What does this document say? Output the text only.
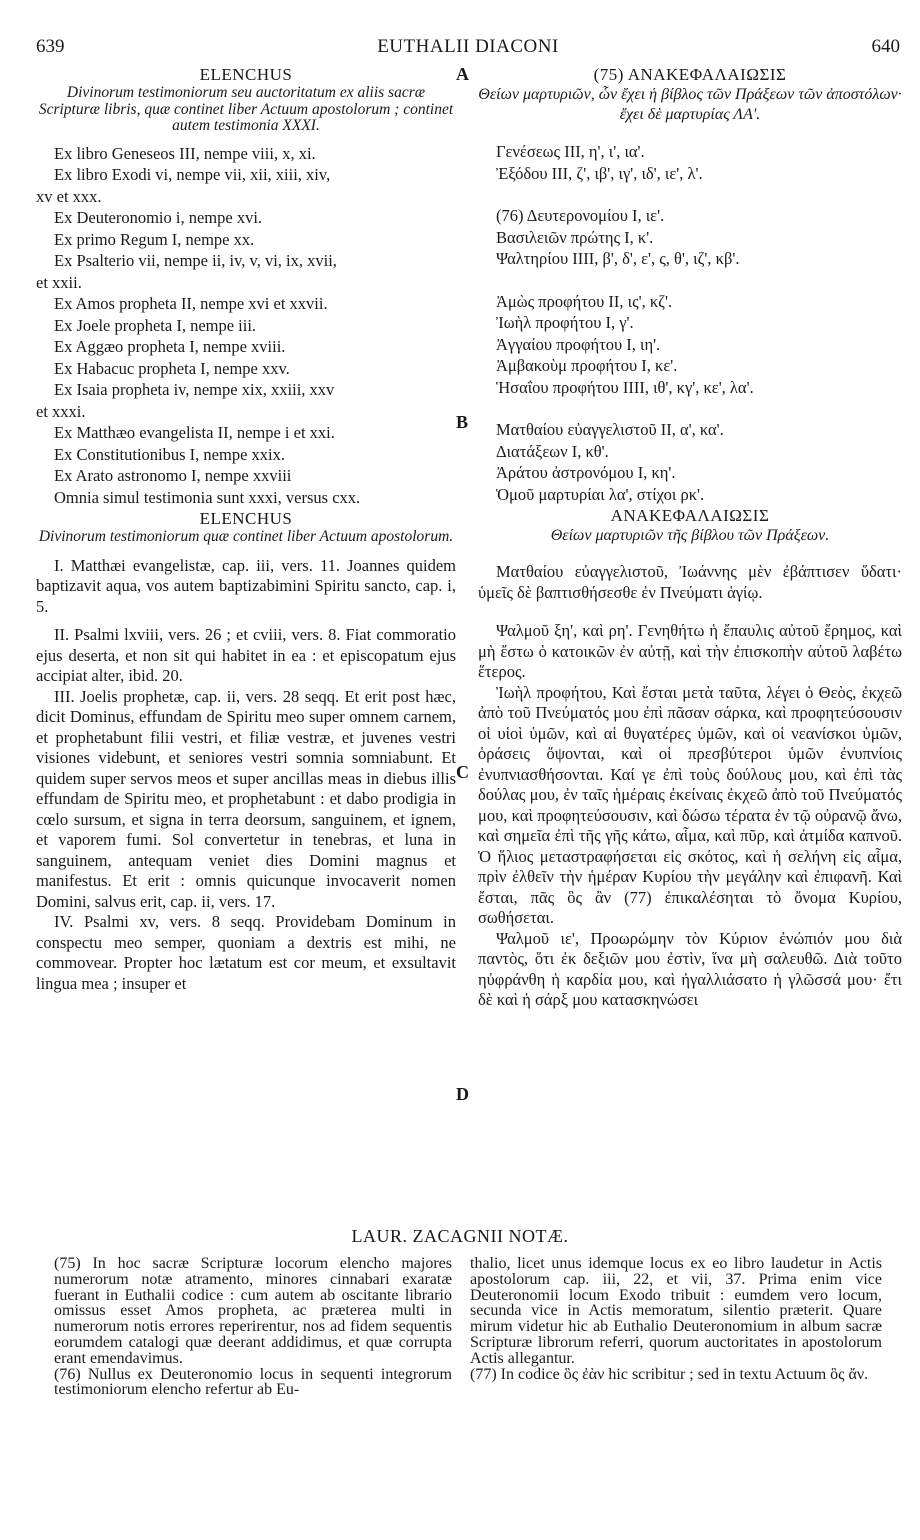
639	EUTHALII DIACONI	640
ELENCHUS
Divinorum testimoniorum seu auctoritatum ex aliis sacræ Scripturæ libris, quæ continet liber Actuum apostolorum ; continet autem testimonia XXXI.
Ex libro Geneseos III, nempe viii, x, xi.
Ex libro Exodi vi, nempe vii, xii, xiii, xiv,
xv et xxx.
Ex Deuteronomio i, nempe xvi.
Ex primo Regum I, nempe xx.
Ex Psalterio vii, nempe ii, iv, v, vi, ix, xvii,
et xxii.
Ex Amos propheta II, nempe xvi et xxvii.
Ex Joele propheta I, nempe iii.
Ex Aggæo propheta I, nempe xviii.
Ex Habacuc propheta I, nempe xxv.
Ex Isaia propheta iv, nempe xix, xxiii, xxv
et xxxi.
Ex Matthæo evangelista II, nempe i et xxi.
Ex Constitutionibus I, nempe xxix.
Ex Arato astronomo I, nempe xxviii
Omnia simul testimonia sunt xxxi, versus cxx.
ELENCHUS
Divinorum testimoniorum quæ continet liber Actuum apostolorum.

I. Matthæi evangelistæ, cap. iii, vers. 11. Joannes quidem baptizavit aqua, vos autem baptizabimini Spiritu sancto, cap. i, 5.

II. Psalmi lxviii, vers. 26 ; et cviii, vers. 8. Fiat commoratio ejus deserta, et non sit qui habitet in ea : et episcopatum ejus accipiat alter, ibid. 20.

III. Joelis prophetæ, cap. ii, vers. 28 seqq. Et erit post hæc, dicit Dominus, effundam de Spiritu meo super omnem carnem, et prophetabunt filii vestri, et filiæ vestræ, et juvenes vestri visiones videbunt, et seniores vestri somnia somniabunt. Et quidem super servos meos et super ancillas meas in diebus illis effundam de Spiritu meo, et prophetabunt : et dabo prodigia in cœlo sursum, et signa in terra deorsum, sanguinem, et ignem, et vaporem fumi. Sol convertetur in tenebras, et luna in sanguinem, antequam veniet dies Domini magnus et manifestus. Et erit : omnis quicunque invocaverit nomen Domini, salvus erit, cap. ii, vers. 17.

IV. Psalmi xv, vers. 8 seqq. Providebam Dominum in conspectu meo semper, quoniam a dextris est mihi, ne commovear. Propter hoc lætatum est cor meum, et exsultavit lingua mea ; insuper et

A
B
C
D
(75) ΑΝΑΚΕΦΑΛΑΙΩΣΙΣ
Θείων μαρτυριῶν, ὧν ἔχει ἡ βίβλος τῶν Πράξεων τῶν ἀποστόλων· ἔχει δὲ μαρτυρίας ΛΑ'.
Γενέσεως III, η', ι', ια'.
Ἐξόδου III, ζ', ιβ', ιγ', ιδ', ιε', λ'.
(76) Δευτερονομίου I, ιε'.
Βασιλειῶν πρώτης I, κ'.
Ψαλτηρίου ΙΙΙΙ, β', δ', ε', ς, θ', ιζ', κβ'.
Ἀμὼς προφήτου II, ις', κζ'.
Ἰωὴλ προφήτου I, γ'.
Ἀγγαίου προφήτου I, ιη'.
Ἀμβακοὺμ προφήτου I, κε'.
Ἡσαΐου προφήτου ΙΙΙΙ, ιθ', κγ', κε', λα'.
Ματθαίου εὐαγγελιστοῦ II, α', κα'.
Διατάξεων I, κθ'.
Ἀράτου ἀστρονόμου I, κη'.
Ὁμοῦ μαρτυρίαι λα', στίχοι ρκ'.
ΑΝΑΚΕΦΑΛΑΙΩΣΙΣ
Θείων μαρτυριῶν τῆς βίβλου τῶν Πράξεων.

Ματθαίου εὐαγγελιστοῦ, Ἰωάννης μὲν ἐβάπτισεν ὕδατι· ὑμεῖς δὲ βαπτισθήσεσθε ἐν Πνεύματι ἁγίῳ.

Ψαλμοῦ ξη', καὶ ρη'. Γενηθήτω ἡ ἔπαυλις αὐτοῦ ἔρημος, καὶ μὴ ἔστω ὁ κατοικῶν ἐν αὐτῇ, καὶ τὴν ἐπισκοπὴν αὐτοῦ λαβέτω ἕτερος.

Ἰωὴλ προφήτου, Καὶ ἔσται μετὰ ταῦτα, λέγει ὁ Θεὸς, ἐκχεῶ ἀπὸ τοῦ Πνεύματός μου ἐπὶ πᾶσαν σάρκα, καὶ προφητεύσουσιν οἱ υἱοὶ ὑμῶν, καὶ αἱ θυγατέρες ὑμῶν, καὶ οἱ νεανίσκοι ὑμῶν, ὁράσεις ὄψονται, καὶ οἱ πρεσβύτεροι ὑμῶν ἐνυπνίοις ἐνυπνιασθήσονται. Καί γε ἐπὶ τοὺς δούλους μου, καὶ ἐπὶ τὰς δούλας μου, ἐν ταῖς ἡμέραις ἐκείναις ἐκχεῶ ἀπὸ τοῦ Πνεύματός μου, καὶ προφητεύσουσιν, καὶ δώσω τέρατα ἐν τῷ οὐρανῷ ἄνω, καὶ σημεῖα ἐπὶ τῆς γῆς κάτω, αἷμα, καὶ πῦρ, καὶ ἀτμίδα καπνοῦ. Ὁ ἥλιος μεταστραφήσεται εἰς σκότος, καὶ ἡ σελήνη εἰς αἷμα, πρὶν ἐλθεῖν τὴν ἡμέραν Κυρίου τὴν μεγάλην καὶ ἐπιφανῆ. Καὶ ἔσται, πᾶς ὃς ἂν (77) ἐπικαλέσηται τὸ ὄνομα Κυρίου, σωθήσεται.

Ψαλμοῦ ιε', Προωρώμην τὸν Κύριον ἐνώπιόν μου διὰ παντὸς, ὅτι ἐκ δεξιῶν μου ἐστὶν, ἵνα μὴ σαλευθῶ. Διὰ τοῦτο ηὐφράνθη ἡ καρδία μου, καὶ ἠγαλλιάσατο ἡ γλῶσσά μου· ἔτι δὲ καὶ ἡ σάρξ μου κατασκηνώσει

LAUR. ZACAGNII NOTÆ.

(75) In hoc sacræ Scripturæ locorum elencho majores numerorum notæ atramento, minores cinnabari exaratæ fuerant in Euthalii codice : cum autem ab oscitante librario omissus esset Amos propheta, ac præterea multi in numerorum notis errores reperirentur, nos ad fidem sequentis eorumdem catalogi quæ deerant addidimus, et quæ corrupta erant emendavimus.

(76) Nullus ex Deuteronomio locus in sequenti integrorum testimoniorum elencho refertur ab Eu-

thalio, licet unus idemque locus ex eo libro laudetur in Actis apostolorum cap. iii, 22, et vii, 37. Prima enim vice Deuteronomii locum Exodo tribuit : eumdem vero locum, secunda vice in Actis memoratum, silentio præterit. Quare mirum videtur hic ab Euthalio Deuteronomium in album sacræ Scripturæ librorum referri, quorum auctoritates in apostolorum Actis allegantur.

(77) In codice ὃς ἐὰν hic scribitur ; sed in textu Actuum ὃς ἄν.
